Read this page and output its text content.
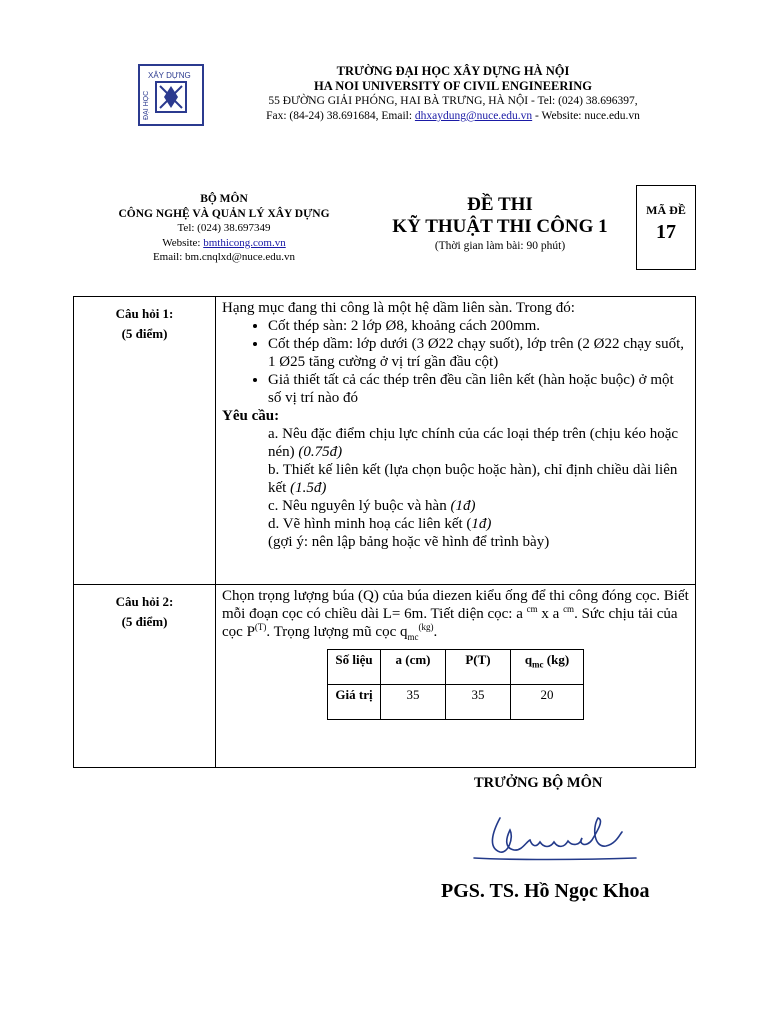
XÂY DỰNG
ĐẠI HỌC
TRƯỜNG ĐẠI HỌC XÂY DỰNG HÀ NỘI
HA NOI UNIVERSITY OF CIVIL ENGINEERING
55 ĐƯỜNG GIẢI PHÓNG, HAI BÀ TRƯNG, HÀ NỘI - Tel: (024) 38.696397,
Fax: (84-24) 38.691684, Email: dhxaydung@nuce.edu.vn - Website: nuce.edu.vn
BỘ MÔN
CÔNG NGHỆ VÀ QUẢN LÝ XÂY DỰNG
Tel: (024) 38.697349
Website: bmthicong.com.vn
Email: bm.cnqlxd@nuce.edu.vn
ĐỀ THI
KỸ THUẬT THI CÔNG 1
(Thời gian làm bài: 90 phút)
MÃ ĐỀ
17
Câu hỏi 1:
(5 điểm)

Hạng mục đang thi công là một hệ dầm liên sàn. Trong đó:
• Cốt thép sàn: 2 lớp Ø8, khoảng cách 200mm.
• Cốt thép dầm: lớp dưới (3 Ø22 chạy suốt), lớp trên (2 Ø22 chạy suốt, 1 Ø25 tăng cường ở vị trí gần đầu cột)
• Giả thiết tất cả các thép trên đều cần liên kết (hàn hoặc buộc) ở một số vị trí nào đó
Yêu cầu:
a. Nêu đặc điểm chịu lực chính của các loại thép trên (chịu kéo hoặc nén) (0.75đ)
b. Thiết kế liên kết (lựa chọn buộc hoặc hàn), chỉ định chiều dài liên kết (1.5đ)
c. Nêu nguyên lý buộc và hàn (1đ)
d. Vẽ hình minh hoạ các liên kết (1đ)
(gợi ý: nên lập bảng hoặc vẽ hình để trình bày)

Câu hỏi 2:
(5 điểm)

Chọn trọng lượng búa (Q) của búa diezen kiểu ống để thi công đóng cọc. Biết mỗi đoạn cọc có chiều dài L= 6m. Tiết diện cọc: a $^{cm}$ x a $^{cm}$. Sức chịu tải của cọc $P^{(T)}$. Trọng lượng mũ cọc $q_{mc}^{(kg)}$.
Số liệu	a (cm)	P(T)	$q_{mc}$ (kg)
Giá trị	35	35	20
TRƯỞNG BỘ MÔN
PGS. TS. Hồ Ngọc Khoa
